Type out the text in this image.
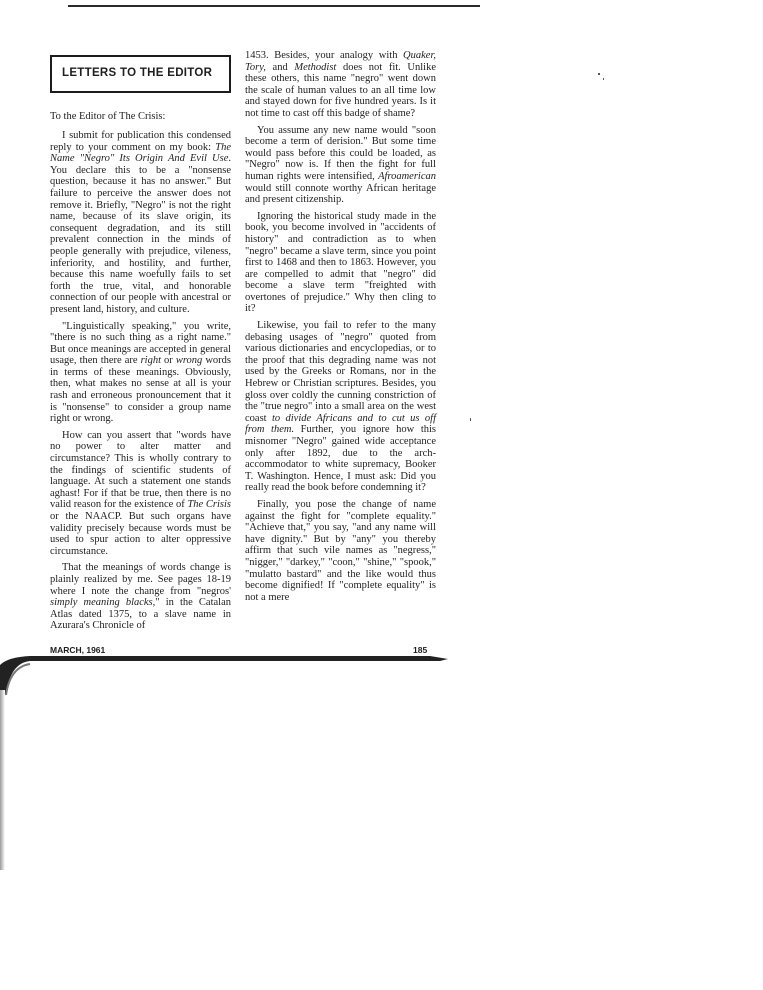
LETTERS TO THE EDITOR
To the Editor of The Crisis:

I submit for publication this condensed reply to your comment on my book: The Name "Negro" Its Origin And Evil Use. You declare this to be a "nonsense question, because it has no answer." But failure to perceive the answer does not remove it. Briefly, "Negro" is not the right name, because of its slave origin, its consequent degradation, and its still prevalent connection in the minds of people generally with prejudice, vileness, inferiority, and hostility, and further, because this name woefully fails to set forth the true, vital, and honorable connection of our people with ancestral or present land, history, and culture.

"Linguistically speaking," you write, "there is no such thing as a right name." But once meanings are accepted in general usage, then there are right or wrong words in terms of these meanings. Obviously, then, what makes no sense at all is your rash and erroneous pronouncement that it is "nonsense" to consider a group name right or wrong.

How can you assert that "words have no power to alter matter and circumstance? This is wholly contrary to the findings of scientific students of language. At such a statement one stands aghast! For if that be true, then there is no valid reason for the existence of The Crisis or the NAACP. But such organs have validity precisely because words must be used to spur action to alter oppressive circumstance.

That the meanings of words change is plainly realized by me. See pages 18-19 where I note the change from "negros' simply meaning blacks," in the Catalan Atlas dated 1375, to a slave name in Azurara's Chronicle of

1453. Besides, your analogy with Quaker, Tory, and Methodist does not fit. Unlike these others, this name "negro" went down the scale of human values to an all time low and stayed down for five hundred years. Is it not time to cast off this badge of shame?

You assume any new name would "soon become a term of derision." But some time would pass before this could be loaded, as "Negro" now is. If then the fight for full human rights were intensified, Afroamerican would still connote worthy African heritage and present citizenship.

Ignoring the historical study made in the book, you become involved in "accidents of history" and contradiction as to when "negro" became a slave term, since you point first to 1468 and then to 1863. However, you are compelled to admit that "negro" did become a slave term "freighted with overtones of prejudice." Why then cling to it?

Likewise, you fail to refer to the many debasing usages of "negro" quoted from various dictionaries and encyclopedias, or to the proof that this degrading name was not used by the Greeks or Romans, nor in the Hebrew or Christian scriptures. Besides, you gloss over coldly the cunning constriction of the "true negro" into a small area on the west coast to divide Africans and to cut us off from them. Further, you ignore how this misnomer "Negro" gained wide acceptance only after 1892, due to the arch-accommodator to white supremacy, Booker T. Washington. Hence, I must ask: Did you really read the book before condemning it?

Finally, you pose the change of name against the fight for "complete equality." "Achieve that," you say, "and any name will have dignity." But by "any" you thereby affirm that such vile names as "negress," "nigger," "darkey," "coon," "shine," "spook," "mulatto bastard" and the like would thus become dignified! If "complete equality" is not a mere

MARCH, 1961	185
